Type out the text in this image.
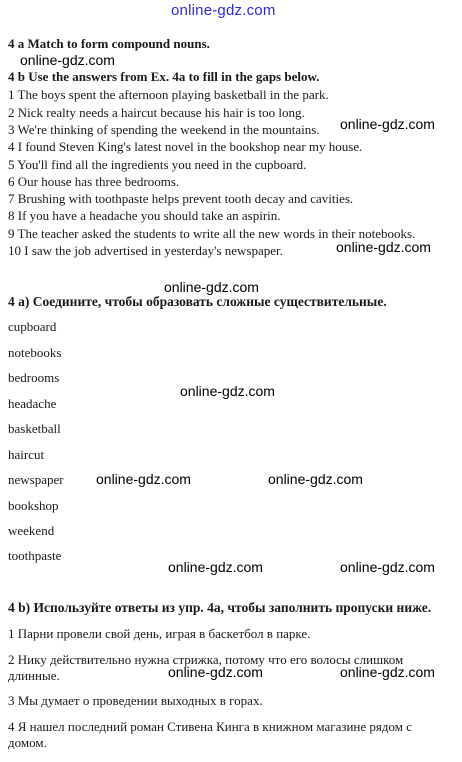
online-gdz.com
4 a Match to form compound nouns.
online-gdz.com
4 b Use the answers from Ex. 4a to fill in the gaps below.
1 The boys spent the afternoon playing basketball in the park.
2 Nick realty needs a haircut because his hair is too long.
3 We're thinking of spending the weekend in the mountains. online-gdz.com
4 I found Steven King's latest novel in the bookshop near my house.
5 You'll find all the ingredients you need in the cupboard.
6 Our house has three bedrooms.
7 Brushing with toothpaste helps prevent tooth decay and cavities.
8 If you have a headache you should take an aspirin.
9 The teacher asked the students to write all the new words in their notebooks.
10 I saw the job advertised in yesterday's newspaper.	online-gdz.com
online-gdz.com
4 а) Соедините, чтобы образовать сложные существительные.
cupboard
notebooks
bedrooms
online-gdz.com
headache
basketball
haircut
newspaper online-gdz.com	online-gdz.com
bookshop
weekend
toothpaste
online-gdz.com	online-gdz.com
4 b) Используйте ответы из упр. 4а, чтобы заполнить пропуски ниже.
1 Парни провели свой день, играя в баскетбол в парке.
2 Нику действительно нужна стрижка, потому что его волосы слишком
длинные.	online-gdz.com	online-gdz.com
3 Мы думает о проведении выходных в горах.
4 Я нашел последний роман Стивена Кинга в книжном магазине рядом с
домом.
